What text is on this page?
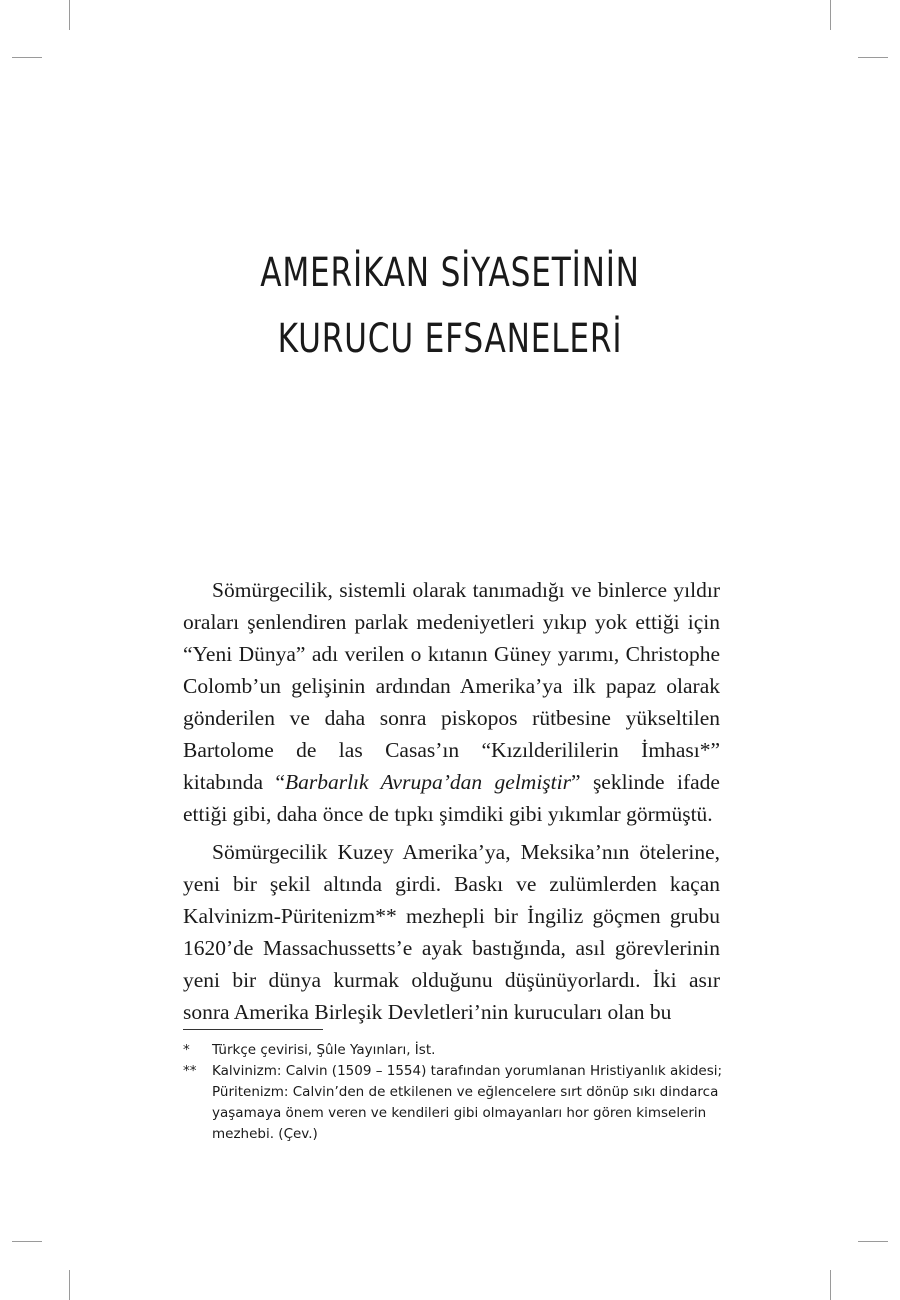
AMERİKAN SİYASETİNİN
KURUCU EFSANELERİ

Sömürgecilik, sistemli olarak tanımadığı ve binlerce yıldır oraları şenlendiren parlak medeniyetleri yıkıp yok ettiği için “Yeni Dünya” adı verilen o kıtanın Güney yarımı, Christophe Colomb’un gelişinin ardından Amerika’ya ilk papaz olarak gönderilen ve daha sonra piskopos rütbesine yükseltilen Bartolome de las Casas’ın “Kızılderililerin İmhası*” kitabında “Barbarlık Avrupa’dan gelmiştir” şeklinde ifade ettiği gibi, daha önce de tıpkı şimdiki gibi yıkımlar görmüştü.

Sömürgecilik Kuzey Amerika’ya, Meksika’nın ötelerine, yeni bir şekil altında girdi. Baskı ve zulümlerden kaçan Kalvinizm-Püritenizm** mezhepli bir İngiliz göçmen grubu 1620’de Massachussetts’e ayak bastığında, asıl görevlerinin yeni bir dünya kurmak olduğunu düşünüyorlardı. İki asır sonra Amerika Birleşik Devletleri’nin kurucuları olan bu

*	Türkçe çevirisi, Şûle Yayınları, İst.
**	Kalvinizm: Calvin (1509 – 1554) tarafından yorumlanan Hristiyanlık akidesi; Püritenizm: Calvin’den de etkilenen ve eğlencelere sırt dönüp sıkı dindarca yaşamaya önem veren ve kendileri gibi olmayanları hor gören kimselerin mezhebi. (Çev.)
